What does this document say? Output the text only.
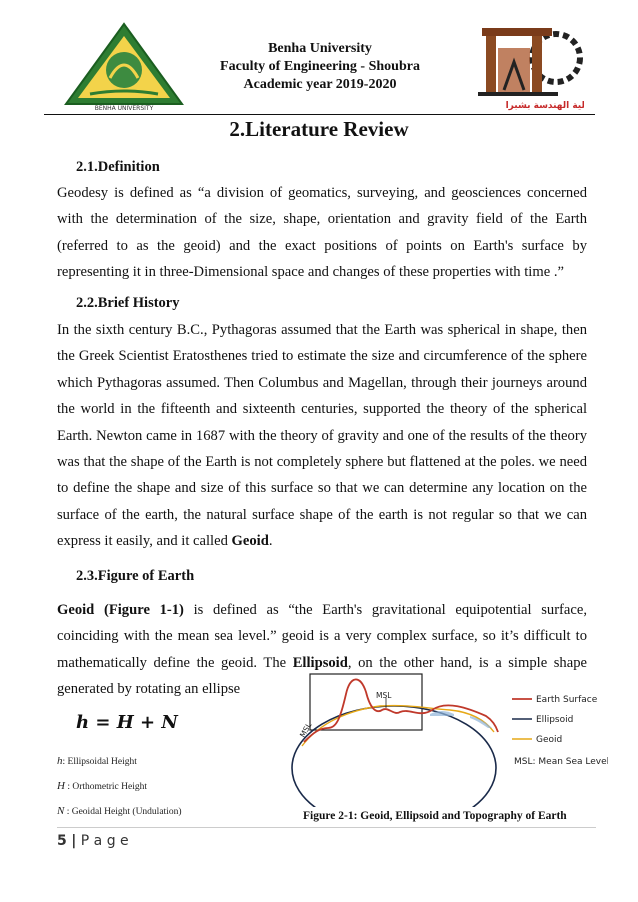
BENHA UNIVERSITY
Benha University
Faculty of Engineering - Shoubra
Academic year 2019-2020
كلية الهندسة بشبرا
2.Literature Review
2.1.Definition
Geodesy is defined as “a division of geomatics, surveying, and geosciences concerned with the determination of the size, shape, orientation and gravity field of the Earth (referred to as the geoid) and the exact positions of points on Earth's surface by representing it in three-Dimensional space and changes of these properties with time .”
2.2.Brief History
In the sixth century B.C., Pythagoras assumed that the Earth was spherical in shape, then the Greek Scientist Eratosthenes tried to estimate the size and circumference of the sphere which Pythagoras assumed. Then Columbus and Magellan, through their journeys around the world in the fifteenth and sixteenth centuries, supported the theory of the spherical Earth. Newton came in 1687 with the theory of gravity and one of the results of the theory was that the shape of the Earth is not completely sphere but flattened at the poles. we need to define the shape and size of this surface so that we can determine any location on the surface of the earth, the natural surface shape of the earth is not regular so that we can express it easily, and it called Geoid.
2.3.Figure of Earth
Geoid (Figure 1-1) is defined as “the Earth's gravitational equipotential surface, coinciding with the mean sea level.” geoid is a very complex surface, so it’s difficult to mathematically define the geoid. The Ellipsoid, on the other hand, is a simple shape generated by rotating an ellipse
h = H + N
h: Ellipsoidal Height
H : Orthometric Height
N : Geoidal Height (Undulation)
MSL
MSL
Earth Surface
Ellipsoid
Geoid
MSL: Mean Sea Level
Figure 2-1: Geoid, Ellipsoid and Topography of Earth
5 | P a g e
